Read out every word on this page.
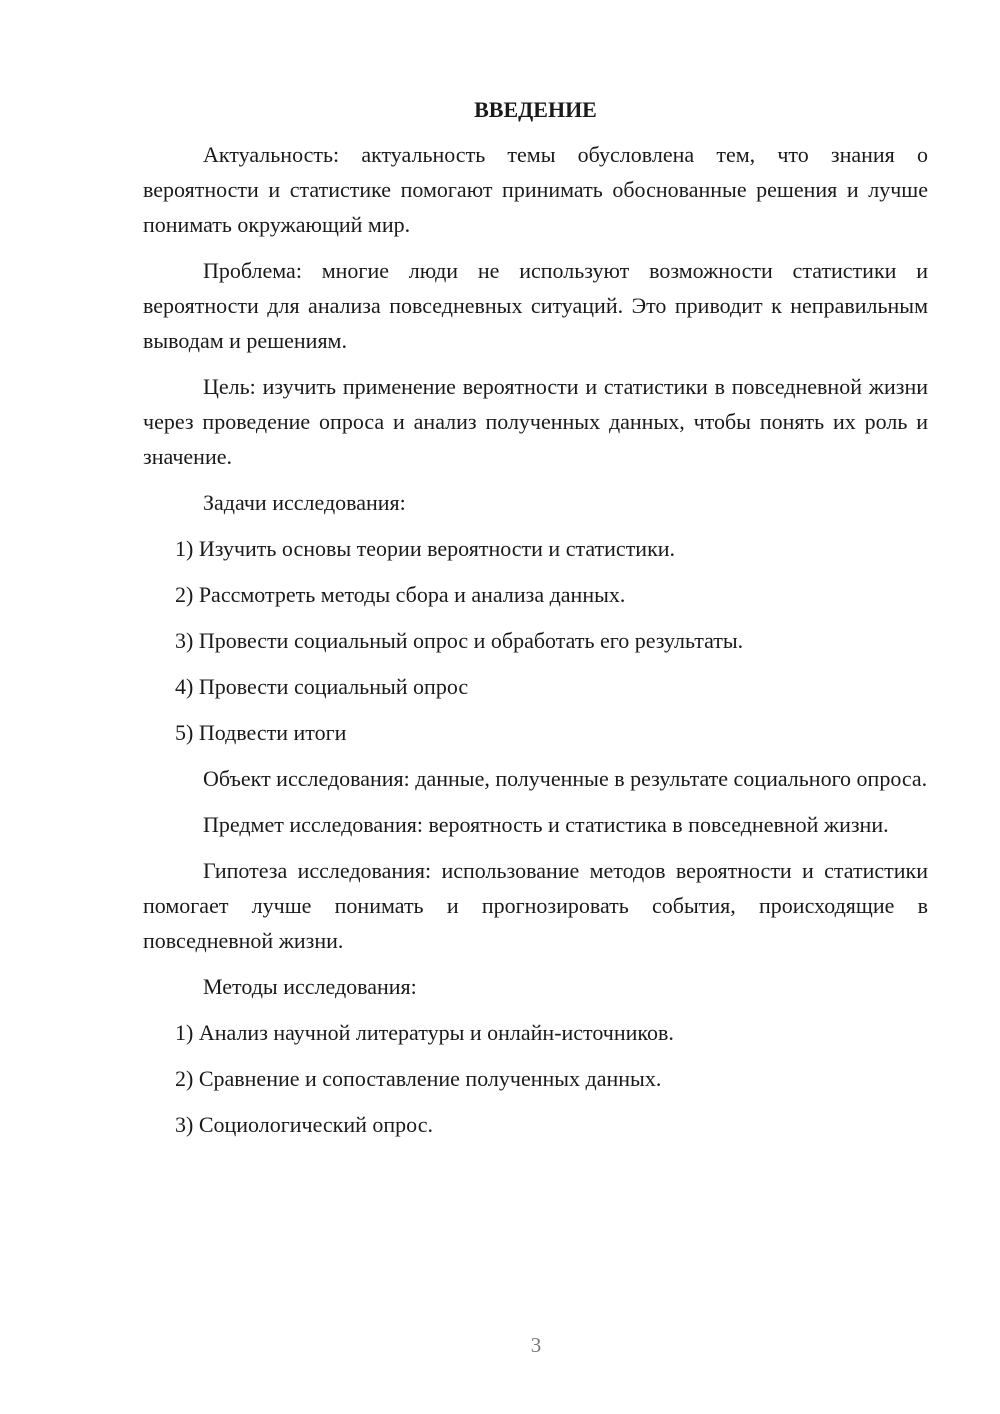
ВВЕДЕНИЕ

Актуальность: актуальность темы обусловлена тем, что знания о вероятности и статистике помогают принимать обоснованные решения и лучше понимать окружающий мир.

Проблема: многие люди не используют возможности статистики и вероятности для анализа повседневных ситуаций. Это приводит к неправильным выводам и решениям.

Цель: изучить применение вероятности и статистики в повседневной жизни через проведение опроса и анализ полученных данных, чтобы понять их роль и значение.

Задачи исследования:

1) Изучить основы теории вероятности и статистики.
2) Рассмотреть методы сбора и анализа данных.
3) Провести социальный опрос и обработать его результаты.
4) Провести социальный опрос
5) Подвести итоги

Объект исследования: данные, полученные в результате социального опроса.

Предмет исследования: вероятность и статистика в повседневной жизни.

Гипотеза исследования: использование методов вероятности и статистики помогает лучше понимать и прогнозировать события, происходящие в повседневной жизни.

Методы исследования:

1) Анализ научной литературы и онлайн-источников.
2) Сравнение и сопоставление полученных данных.
3) Социологический опрос.
3
